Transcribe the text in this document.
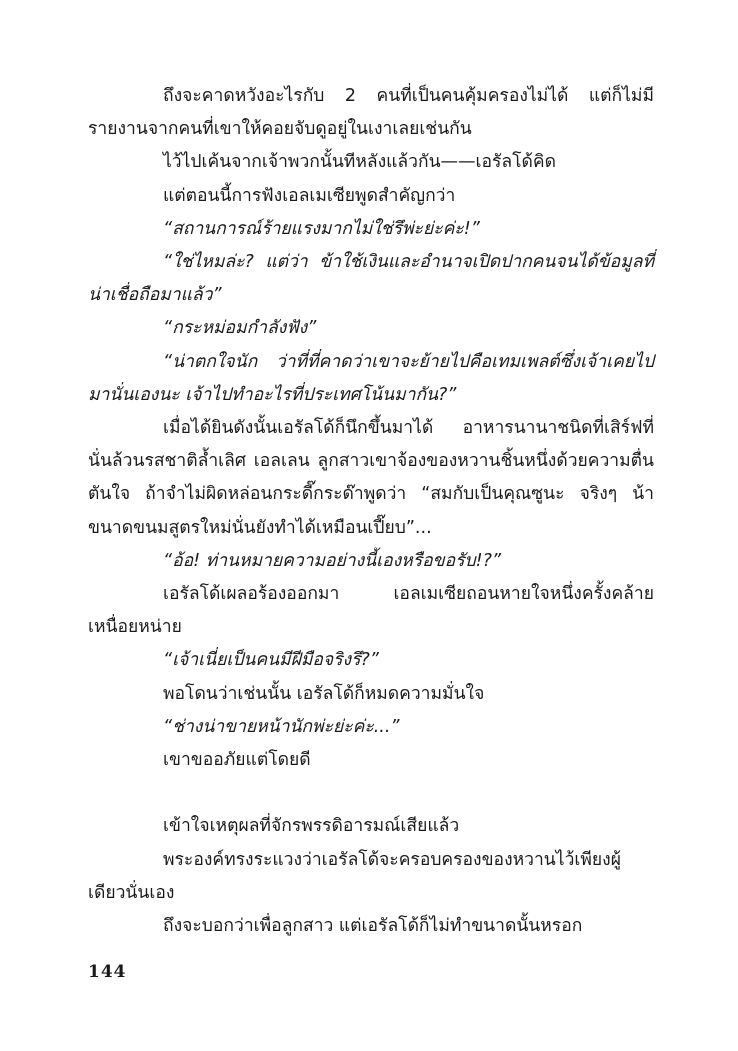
ถึงจะคาดหวังอะไรกับ 2 คนที่เป็นคนคุ้มครองไม่ได้ แต่ก็ไม่มีรายงานจากคนที่เขาให้คอยจับดูอยู่ในเงาเลยเช่นกัน

ไว้ไปเค้นจากเจ้าพวกนั้นทีหลังแล้วกัน——เอรัลโด้คิด

แต่ตอนนี้การฟังเอลเมเซียพูดสำคัญกว่า

“สถานการณ์ร้ายแรงมากไม่ใช่รึพ่ะย่ะค่ะ!”

“ใช่ไหมล่ะ? แต่ว่า ข้าใช้เงินและอำนาจเปิดปากคนจนได้ข้อมูลที่น่าเชื่อถือมาแล้ว”

“กระหม่อมกำลังฟัง”

“น่าตกใจนัก ว่าที่ที่คาดว่าเขาจะย้ายไปคือเทมเพลต์ซึ่งเจ้าเคยไปมานั่นเองนะ เจ้าไปทำอะไรที่ประเทศโน้นมากัน?”

เมื่อได้ยินดังนั้นเอรัลโด้ก็นึกขึ้นมาได้ อาหารนานาชนิดที่เสิร์ฟที่นั่นล้วนรสชาติล้ำเลิศ เอลเลน ลูกสาวเขาจ้องของหวานชิ้นหนึ่งด้วยความตื่นตันใจ ถ้าจำไม่ผิดหล่อนกระดี๊กระด๊าพูดว่า “สมกับเป็นคุณซูนะ จริงๆ น้า ขนาดขนมสูตรใหม่นั่นยังทำได้เหมือนเปี๊ยบ”...

“อ้อ! ท่านหมายความอย่างนี้เองหรือขอรับ!?”

เอรัลโด้เผลอร้องออกมา เอลเมเซียถอนหายใจหนึ่งครั้งคล้ายเหนื่อยหน่าย

“เจ้าเนี่ยเป็นคนมีฝีมือจริงรึ?”

พอโดนว่าเช่นนั้น เอรัลโด้ก็หมดความมั่นใจ

“ช่างน่าขายหน้านักพ่ะย่ะค่ะ...”

เขาขออภัยแต่โดยดี

เข้าใจเหตุผลที่จักรพรรดิอารมณ์เสียแล้ว

พระองค์ทรงระแวงว่าเอรัลโด้จะครอบครองของหวานไว้เพียงผู้เดียวนั่นเอง

ถึงจะบอกว่าเพื่อลูกสาว แต่เอรัลโด้ก็ไม่ทำขนาดนั้นหรอก

144
